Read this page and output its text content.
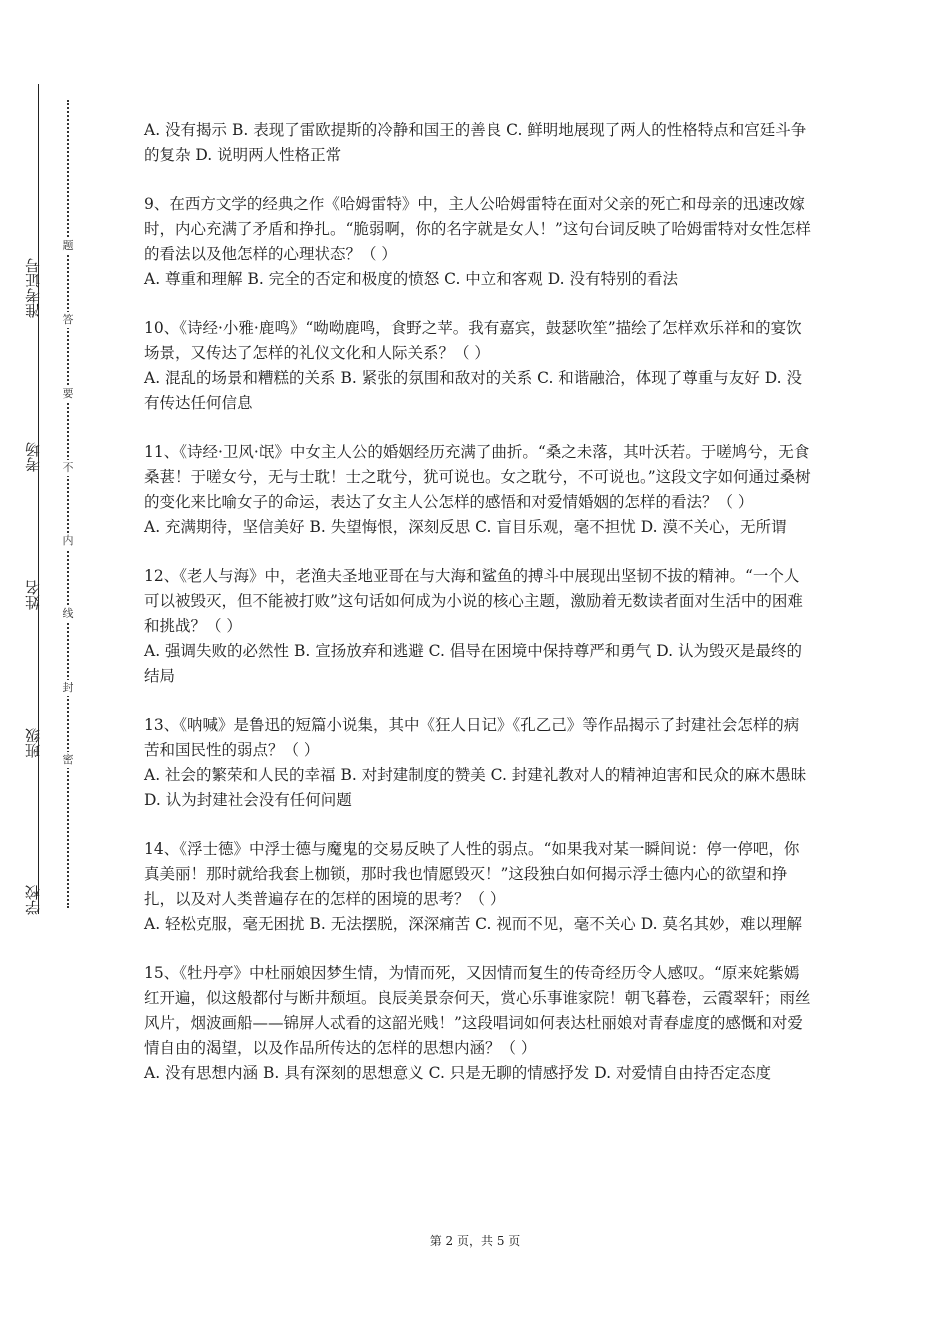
准考证号
考场
姓名
班级
学校
题
答
要
不
内
线
封
密

A. 没有揭示 B. 表现了雷欧提斯的冷静和国王的善良 C. 鲜明地展现了两人的性格特点和宫廷斗争的复杂 D. 说明两人性格正常

9、在西方文学的经典之作《哈姆雷特》中，主人公哈姆雷特在面对父亲的死亡和母亲的迅速改嫁时，内心充满了矛盾和挣扎。“脆弱啊，你的名字就是女人！”这句台词反映了哈姆雷特对女性怎样的看法以及他怎样的心理状态？（ ）

A. 尊重和理解 B. 完全的否定和极度的愤怒 C. 中立和客观 D. 没有特别的看法

10、《诗经·小雅·鹿鸣》“呦呦鹿鸣，食野之苹。我有嘉宾，鼓瑟吹笙”描绘了怎样欢乐祥和的宴饮场景，又传达了怎样的礼仪文化和人际关系？（ ）

A. 混乱的场景和糟糕的关系 B. 紧张的氛围和敌对的关系 C. 和谐融洽，体现了尊重与友好 D. 没有传达任何信息

11、《诗经·卫风·氓》中女主人公的婚姻经历充满了曲折。“桑之未落，其叶沃若。于嗟鸠兮，无食桑葚！于嗟女兮，无与士耽！士之耽兮，犹可说也。女之耽兮，不可说也。”这段文字如何通过桑树的变化来比喻女子的命运，表达了女主人公怎样的感悟和对爱情婚姻的怎样的看法？（ ）

A. 充满期待，坚信美好 B. 失望悔恨，深刻反思 C. 盲目乐观，毫不担忧 D. 漠不关心，无所谓

12、《老人与海》中，老渔夫圣地亚哥在与大海和鲨鱼的搏斗中展现出坚韧不拔的精神。“一个人可以被毁灭，但不能被打败”这句话如何成为小说的核心主题，激励着无数读者面对生活中的困难和挑战？（ ）

A. 强调失败的必然性 B. 宣扬放弃和逃避 C. 倡导在困境中保持尊严和勇气 D. 认为毁灭是最终的结局

13、《呐喊》是鲁迅的短篇小说集，其中《狂人日记》《孔乙己》等作品揭示了封建社会怎样的病苦和国民性的弱点？（ ）

A. 社会的繁荣和人民的幸福 B. 对封建制度的赞美 C. 封建礼教对人的精神迫害和民众的麻木愚昧 D. 认为封建社会没有任何问题

14、《浮士德》中浮士德与魔鬼的交易反映了人性的弱点。“如果我对某一瞬间说：停一停吧，你真美丽！那时就给我套上枷锁，那时我也情愿毁灭！”这段独白如何揭示浮士德内心的欲望和挣扎，以及对人类普遍存在的怎样的困境的思考？（ ）

A. 轻松克服，毫无困扰 B. 无法摆脱，深深痛苦 C. 视而不见，毫不关心 D. 莫名其妙，难以理解

15、《牡丹亭》中杜丽娘因梦生情，为情而死，又因情而复生的传奇经历令人感叹。“原来姹紫嫣红开遍，似这般都付与断井颓垣。良辰美景奈何天，赏心乐事谁家院！朝飞暮卷，云霞翠轩；雨丝风片，烟波画船——锦屏人忒看的这韶光贱！”这段唱词如何表达杜丽娘对青春虚度的感慨和对爱情自由的渴望，以及作品所传达的怎样的思想内涵？（ ）

A. 没有思想内涵 B. 具有深刻的思想意义 C. 只是无聊的情感抒发 D. 对爱情自由持否定态度

第 2 页，共 5 页
